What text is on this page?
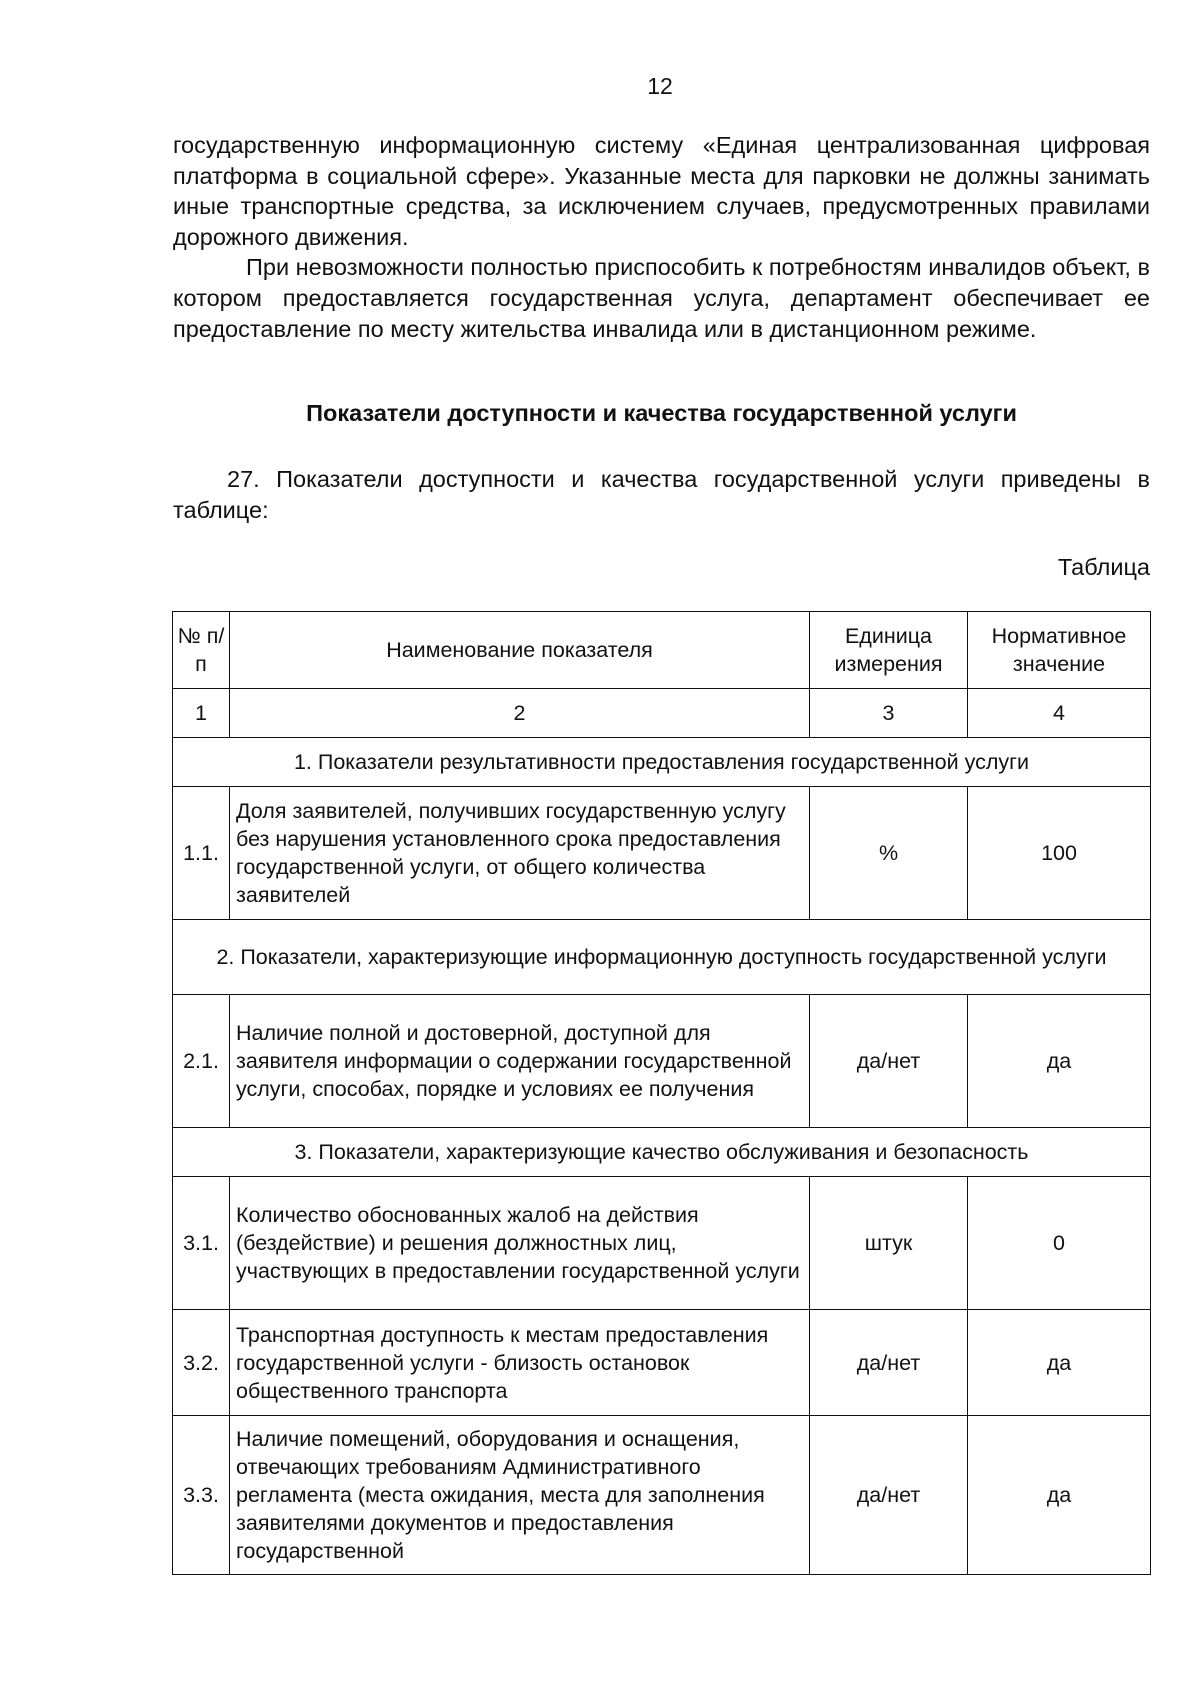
12

государственную информационную систему «Единая централизованная цифровая платформа в социальной сфере». Указанные места для парковки не должны занимать иные транспортные средства, за исключением случаев, предусмотренных правилами дорожного движения.

При невозможности полностью приспособить к потребностям инвалидов объект, в котором предоставляется государственная услуга, департамент обеспечивает ее предоставление по месту жительства инвалида или в дистанционном режиме.

Показатели доступности и качества государственной услуги

27. Показатели доступности и качества государственной услуги приведены в таблице:

Таблица
№ п/п	Наименование показателя	Единица измерения	Нормативное значение
1	2	3	4
1. Показатели результативности предоставления государственной услуги			
1.1.	Доля заявителей, получивших государственную услугу без нарушения установленного срока предоставления государственной услуги, от общего количества заявителей	%	100
2. Показатели, характеризующие информационную доступность государственной услуги			
2.1.	Наличие полной и достоверной, доступной для заявителя информации о содержании государственной услуги, способах, порядке и условиях ее получения	да/нет	да
3. Показатели, характеризующие качество обслуживания и безопасность			
3.1.	Количество обоснованных жалоб на действия (бездействие) и решения должностных лиц, участвующих в предоставлении государственной услуги	штук	0
3.2.	Транспортная доступность к местам предоставления государственной услуги - близость остановок общественного транспорта	да/нет	да
3.3.	Наличие помещений, оборудования и оснащения, отвечающих требованиям Административного регламента (места ожидания, места для заполнения заявителями документов и предоставления государственной	да/нет	да
